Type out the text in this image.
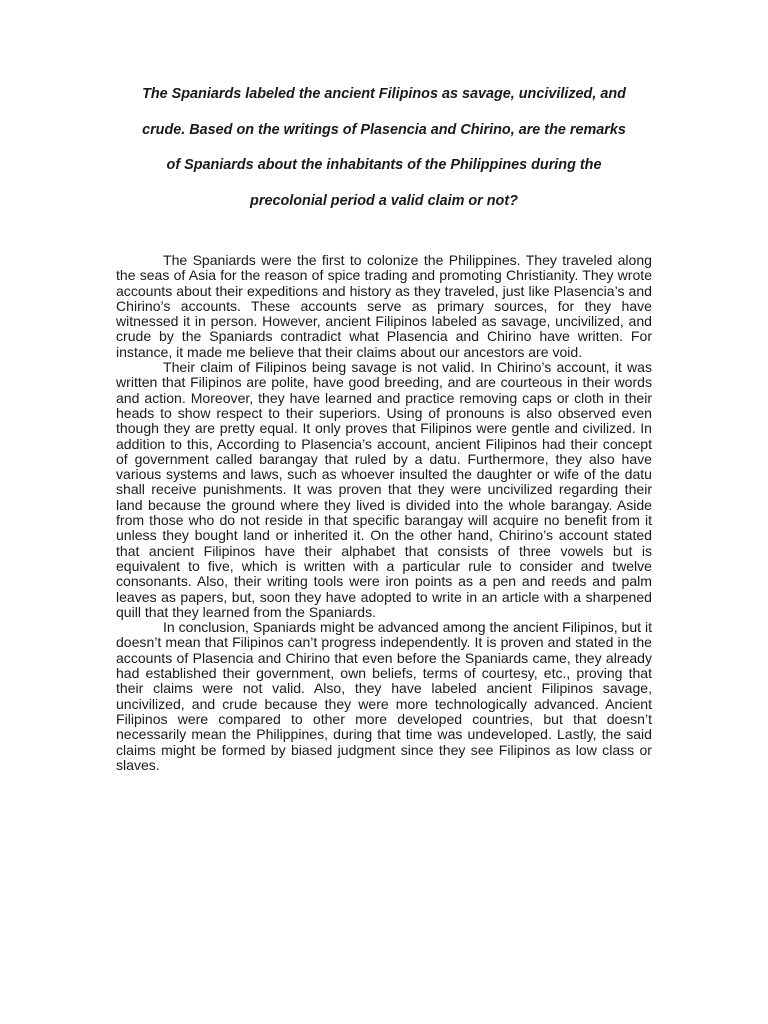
The Spaniards labeled the ancient Filipinos as savage, uncivilized, and
crude. Based on the writings of Plasencia and Chirino, are the remarks
of Spaniards about the inhabitants of the Philippines during the
precolonial period a valid claim or not?

The Spaniards were the first to colonize the Philippines. They traveled along the seas of Asia for the reason of spice trading and promoting Christianity. They wrote accounts about their expeditions and history as they traveled, just like Plasencia’s and Chirino’s accounts. These accounts serve as primary sources, for they have witnessed it in person. However, ancient Filipinos labeled as savage, uncivilized, and crude by the Spaniards contradict what Plasencia and Chirino have written. For instance, it made me believe that their claims about our ancestors are void.

Their claim of Filipinos being savage is not valid. In Chirino’s account, it was written that Filipinos are polite, have good breeding, and are courteous in their words and action. Moreover, they have learned and practice removing caps or cloth in their heads to show respect to their superiors. Using of pronouns is also observed even though they are pretty equal. It only proves that Filipinos were gentle and civilized. In addition to this, According to Plasencia’s account, ancient Filipinos had their concept of government called barangay that ruled by a datu. Furthermore, they also have various systems and laws, such as whoever insulted the daughter or wife of the datu shall receive punishments. It was proven that they were uncivilized regarding their land because the ground where they lived is divided into the whole barangay. Aside from those who do not reside in that specific barangay will acquire no benefit from it unless they bought land or inherited it. On the other hand, Chirino’s account stated that ancient Filipinos have their alphabet that consists of three vowels but is equivalent to five, which is written with a particular rule to consider and twelve consonants. Also, their writing tools were iron points as a pen and reeds and palm leaves as papers, but, soon they have adopted to write in an article with a sharpened quill that they learned from the Spaniards.

In conclusion, Spaniards might be advanced among the ancient Filipinos, but it doesn’t mean that Filipinos can’t progress independently. It is proven and stated in the accounts of Plasencia and Chirino that even before the Spaniards came, they already had established their government, own beliefs, terms of courtesy, etc., proving that their claims were not valid. Also, they have labeled ancient Filipinos savage, uncivilized, and crude because they were more technologically advanced. Ancient Filipinos were compared to other more developed countries, but that doesn’t necessarily mean the Philippines, during that time was undeveloped. Lastly, the said claims might be formed by biased judgment since they see Filipinos as low class or slaves.
